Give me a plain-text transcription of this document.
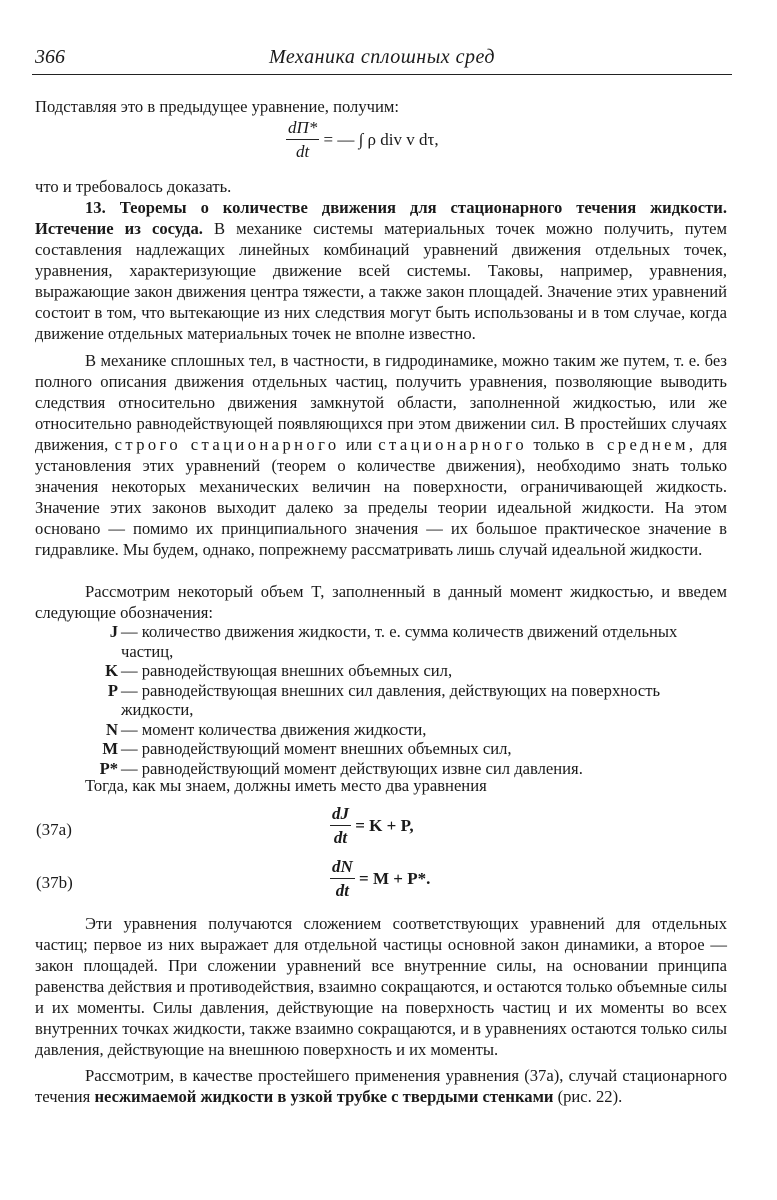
366	Механика сплошных сред

Подставляя это в предыдущее уравнение, получим:

$\frac{dП*}{dt}$ = — ∫ ρ div v dτ,

что и требовалось доказать.

13. Теоремы о количестве движения для стационарного течения жидкости. Истечение из сосуда. В механике системы материальных точек можно получить, путем составления надлежащих линейных комбинаций уравнений движения отдельных точек, уравнения, характеризующие движение всей системы. Таковы, например, уравнения, выражающие закон движения центра тяжести, а также закон площадей. Значение этих уравнений состоит в том, что вытекающие из них следствия могут быть использованы и в том случае, когда движение отдельных материальных точек не вполне известно.

В механике сплошных тел, в частности, в гидродинамике, можно таким же путем, т. е. без полного описания движения отдельных частиц, получить уравнения, позволяющие выводить следствия относительно движения замкнутой области, заполненной жидкостью, или же относительно равнодействующей появляющихся при этом движении сил. В простейших случаях движения, строго стационарного или стационарного только в среднем, для установления этих уравнений (теорем о количестве движения), необходимо знать только значения некоторых механических величин на поверхности, ограничивающей жидкость. Значение этих законов выходит далеко за пределы теории идеальной жидкости. На этом основано — помимо их принципиального значения — их большое практическое значение в гидравлике. Мы будем, однако, попрежнему рассматривать лишь случай идеальной жидкости.

Рассмотрим некоторый объем T, заполненный в данный момент жидкостью, и введем следующие обозначения:

J — количество движения жидкости, т. е. сумма количеств движений отдельных частиц,

K — равнодействующая внешних объемных сил,

P — равнодействующая внешних сил давления, действующих на поверхность жидкости,

N — момент количества движения жидкости,

M — равнодействующий момент внешних объемных сил,

P* — равнодействующий момент действующих извне сил давления.

Тогда, как мы знаем, должны иметь место два уравнения

(37a)	$\frac{dJ}{dt} = K + P$,
(37b)	$\frac{dN}{dt} = M + P*$.

Эти уравнения получаются сложением соответствующих уравнений для отдельных частиц; первое из них выражает для отдельной частицы основной закон динамики, а второе — закон площадей. При сложении уравнений все внутренние силы, на основании принципа равенства действия и противодействия, взаимно сокращаются, и остаются только объемные силы и их моменты. Силы давления, действующие на поверхность частиц и их моменты во всех внутренних точках жидкости, также взаимно сокращаются, и в уравнениях остаются только силы давления, действующие на внешнюю поверхность и их моменты.

Рассмотрим, в качестве простейшего применения уравнения (37a), случай стационарного течения несжимаемой жидкости в узкой трубке с твердыми стенками (рис. 22).
